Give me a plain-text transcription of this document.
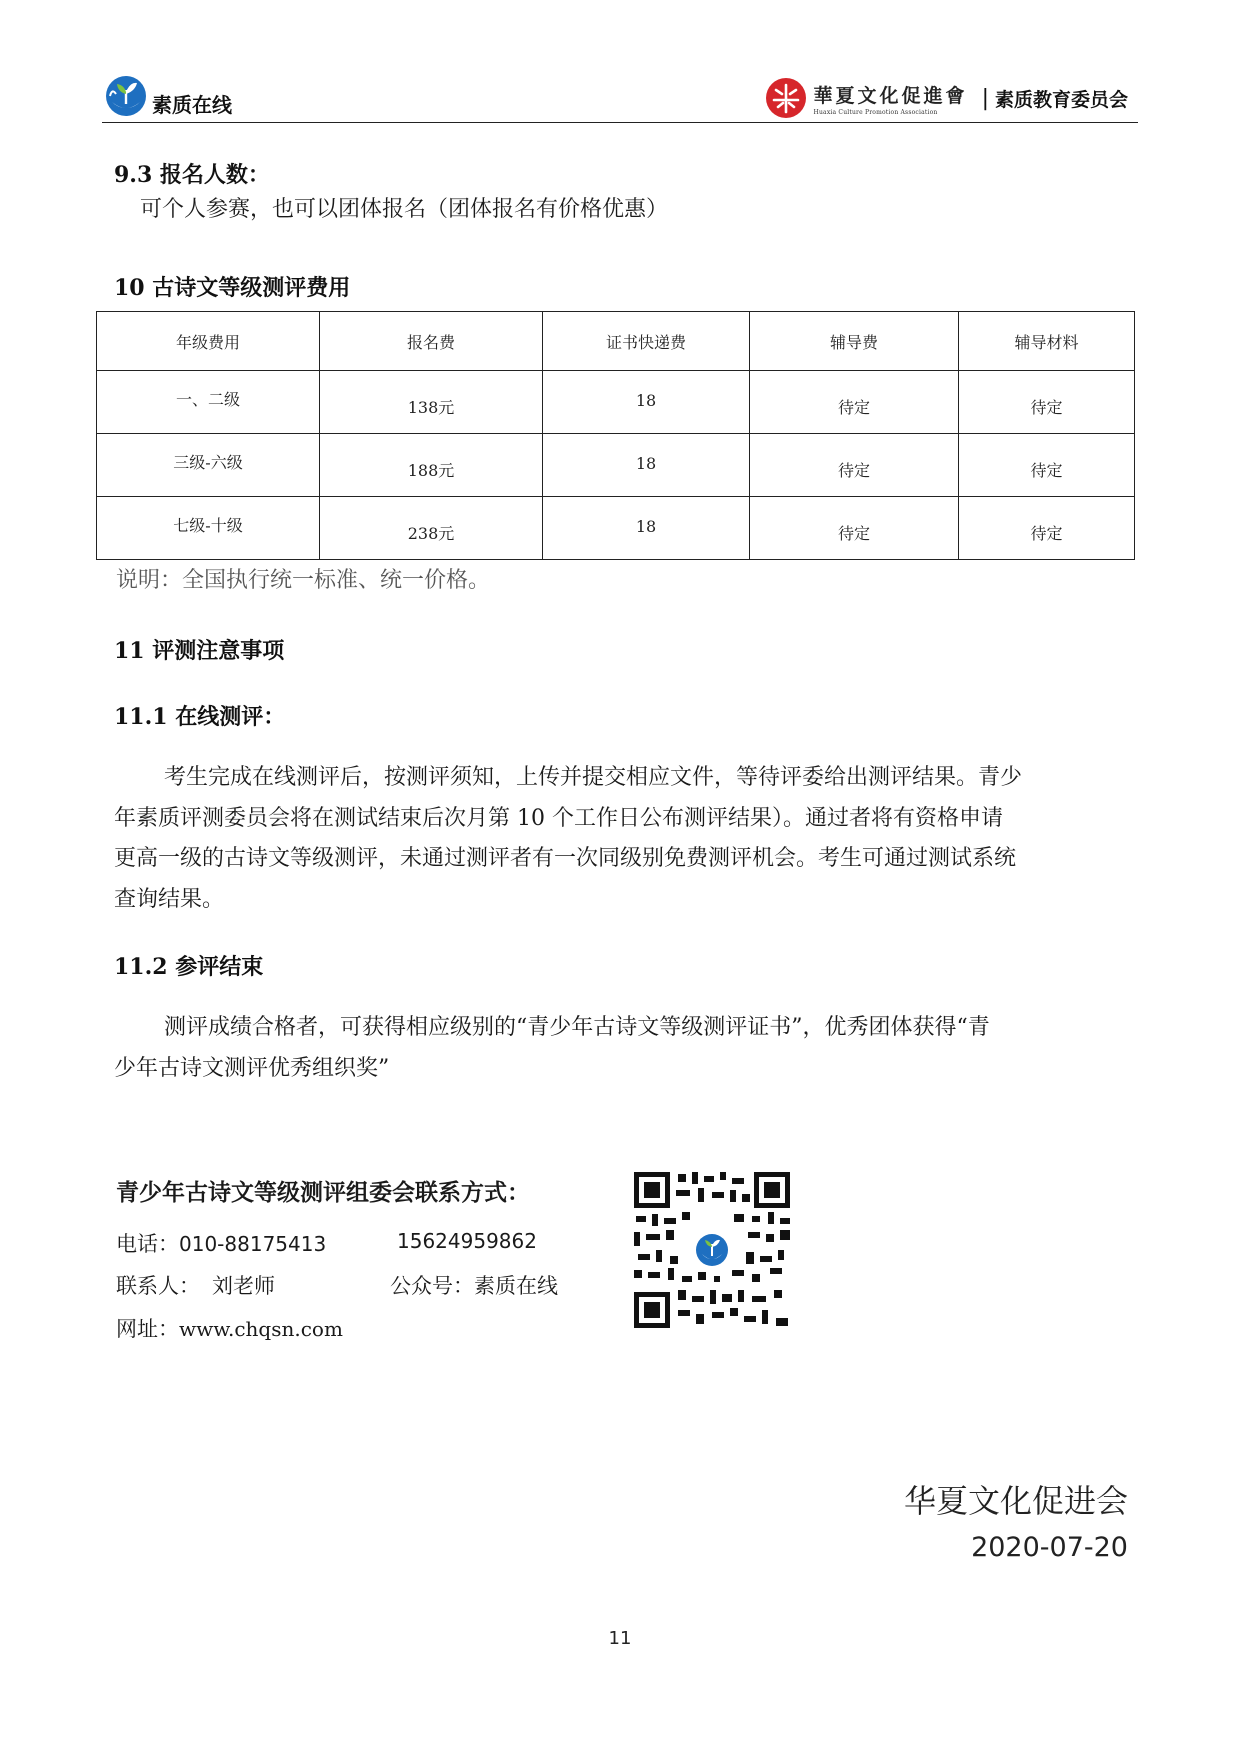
素质在线	華夏文化促進會
Huaxia Culture Promotion Association
| 素质教育委员会
9.3 报名人数：
可个人参赛，也可以团体报名（团体报名有价格优惠）
10 古诗文等级测评费用
年级费用	报名费	证书快递费	辅导费	辅导材料
一、二级	138元	18	待定	待定
三级-六级	188元	18	待定	待定
七级-十级	238元	18	待定	待定
说明：全国执行统一标准、统一价格。
11 评测注意事项
11.1 在线测评：
考生完成在线测评后，按测评须知，上传并提交相应文件，等待评委给出测评结果。青少
年素质评测委员会将在测试结束后次月第 10 个工作日公布测评结果）。通过者将有资格申请
更高一级的古诗文等级测评，未通过测评者有一次同级别免费测评机会。考生可通过测试系统
查询结果。
11.2 参评结束
测评成绩合格者，可获得相应级别的“青少年古诗文等级测评证书”，优秀团体获得“青
少年古诗文测评优秀组织奖”
青少年古诗文等级测评组委会联系方式：
电话：010-88175413	15624959862
联系人： 刘老师	公众号：素质在线
网址：www.chqsn.com
华夏文化促进会
2020-07-20
11
